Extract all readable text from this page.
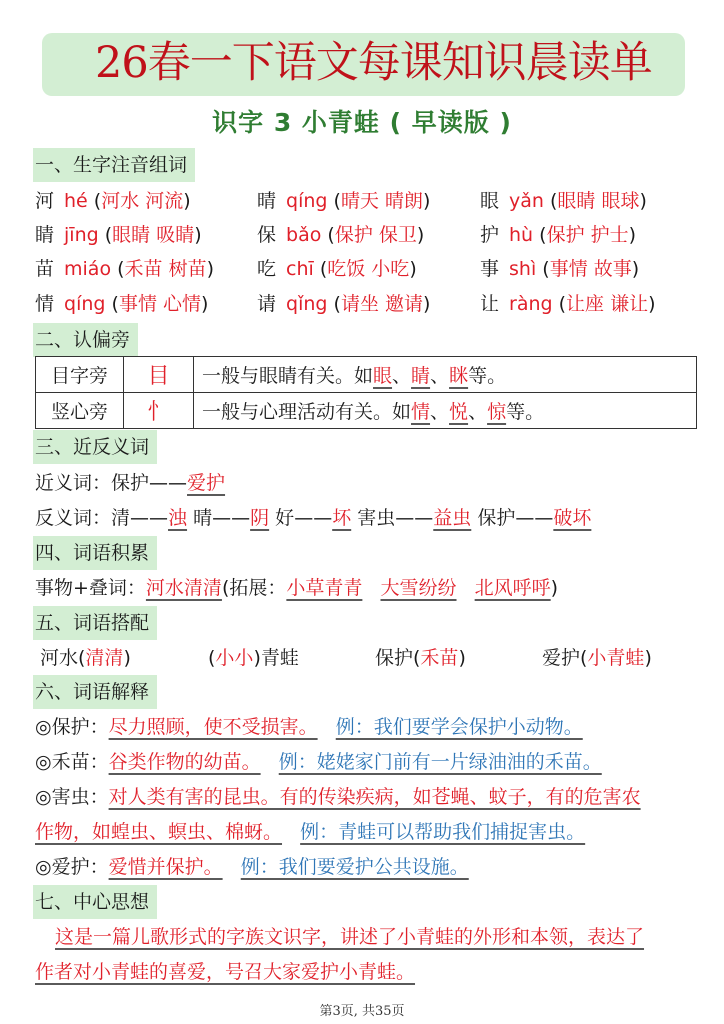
26春一下语文每课知识晨读单
识字 3 小青蛙 ( 早读版 )
一、生字注音组词
河 hé (河水 河流)	晴 qíng (晴天 晴朗)	眼 yǎn (眼睛 眼球)
睛 jīng (眼睛 吸睛)	保 bǎo (保护 保卫)	护 hù (保护 护士)
苗 miáo (禾苗 树苗) 吃 chī (吃饭 小吃)	事 shì (事情 故事)
情 qíng (事情 心情)	请 qǐng (请坐 邀请)	让 ràng (让座 谦让)
二、认偏旁
目字旁	目	一般与眼睛有关。如眼、睛、眯等。
竖心旁	忄	一般与心理活动有关。如情、悦、惊等。
三、近反义词
近义词：保护——爱护
反义词：清——浊 晴——阴 好——坏 害虫——益虫 保护——破坏
四、词语积累
事物+叠词：河水清清(拓展：小草青青 大雪纷纷 北风呼呼)
五、词语搭配
河水(清清)	(小小)青蛙	保护(禾苗)	爱护(小青蛙)
六、词语解释
◎保护：尽力照顾，使不受损害。 例：我们要学会保护小动物。
◎禾苗：谷类作物的幼苗。 例：姥姥家门前有一片绿油油的禾苗。
◎害虫：对人类有害的昆虫。有的传染疾病，如苍蝇、蚊子，有的危害农
作物，如蝗虫、螟虫、棉蚜。 例：青蛙可以帮助我们捕捉害虫。
◎爱护：爱惜并保护。 例：我们要爱护公共设施。
七、中心思想
这是一篇儿歌形式的字族文识字，讲述了小青蛙的外形和本领，表达了
作者对小青蛙的喜爱，号召大家爱护小青蛙。
第3页, 共35页
